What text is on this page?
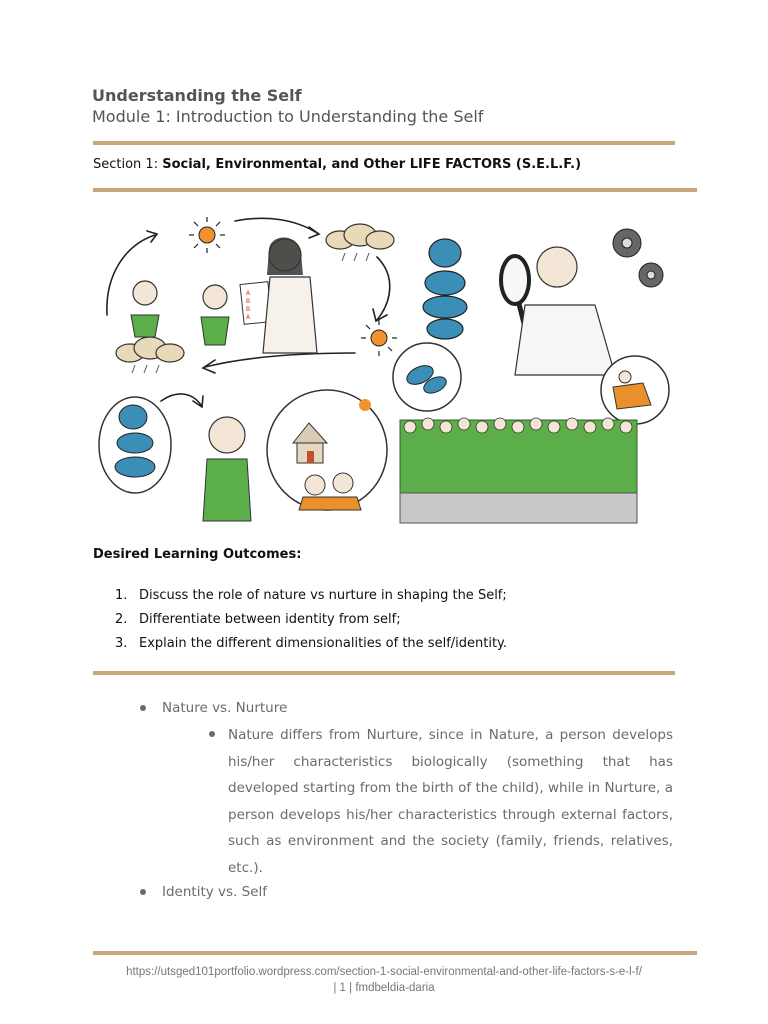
Understanding the Self
Module 1: Introduction to Understanding the Self
Section 1: Social, Environmental, and Other LIFE FACTORS (S.E.L.F.)
A
B
B
A
Desired Learning Outcomes:
1. Discuss the role of nature vs nurture in shaping the Self;
2. Differentiate between identity from self;
3. Explain the different dimensionalities of the self/identity.
Nature vs. Nurture
Nature differs from Nurture, since in Nature, a person develops his/her characteristics biologically (something that has developed starting from the birth of the child), while in Nurture, a person develops his/her characteristics through external factors, such as environment and the society (family, friends, relatives, etc.).
Identity vs. Self
https://utsged101portfolio.wordpress.com/section-1-social-environmental-and-other-life-factors-s-e-l-f/
| 1 | fmdbeldia-daria
